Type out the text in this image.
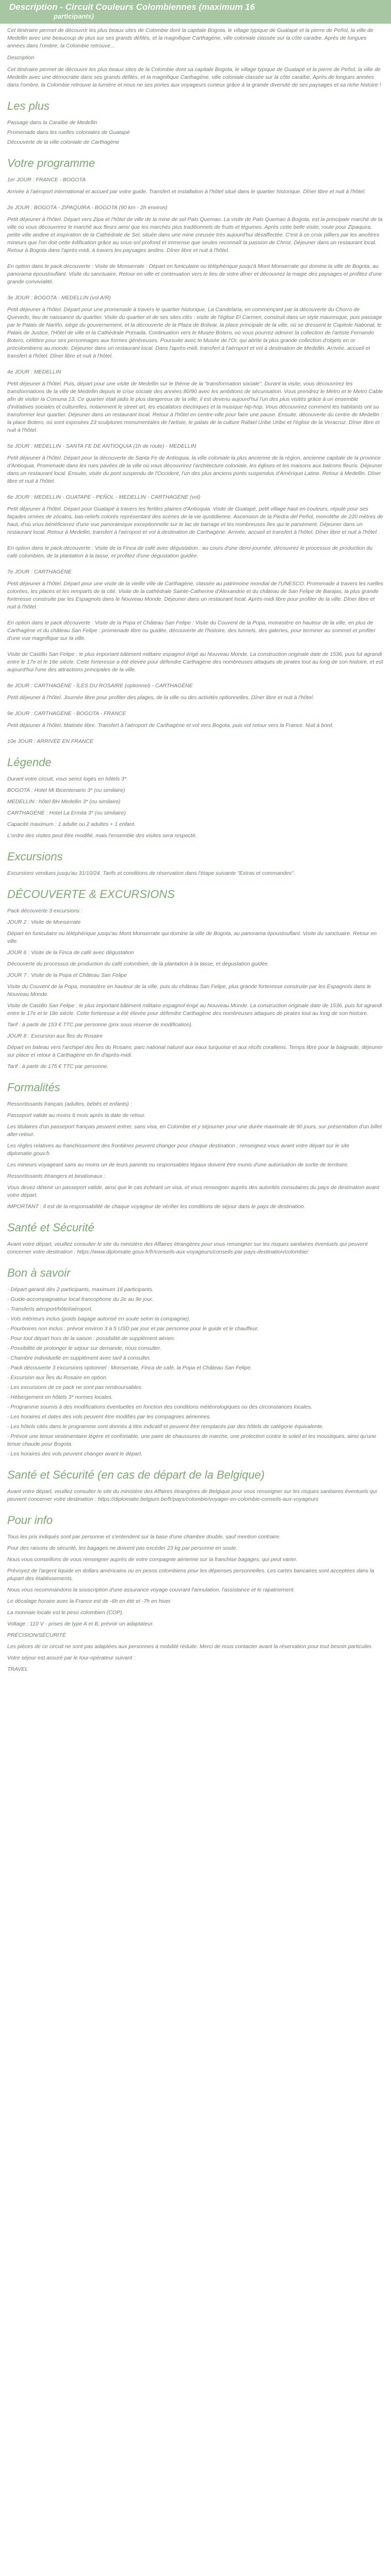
Description - Circuit Couleurs Colombiennes (maximum 16
participants)

Cet itinéraire permet de découvrir les plus beaux sites de Colombie dont la capitale Bogota, le village typique de Guatapé et la pierre de Peñol, la ville de Medellin avec une beaucoup de plus sur ses grands défilés, et la magnifique Carthagène, ville coloniale classée sur la côte caraïbe. Après de longues années dans l'ombre, la Colombie retrouve...

Description

Cet itinéraire permet de découvrir les plus beaux sites de la Colombie dont sa capitale Bogota, le village typique de Guatapé et la pierre de Peñol, la ville de Medellin avec une démocratie dans ses grands défilés, et la magnifique Carthagène, ville coloniale classée sur la côte caraïbe. Après de longues années dans l'ombre, la Colombie retrouve la lumière et nous ne ses portes aux voyageurs curieux grâce à la grande diversité de ses paysages et sa riche histoire !

Les plus

Passage dans la Caraïbe de Medellin

Promenade dans les ruelles coloniales de Guatapé

Découverte de la ville coloniale de Carthagène

Votre programme

1er JOUR : FRANCE - BOGOTA

Arrivée à l'aéroport international et accueil par votre guide. Transfert et installation à l'hôtel situé dans le quartier historique. Dîner libre et nuit à l'hôtel.

2e JOUR : BOGOTA - ZIPAQUIRA - BOGOTA (90 km - 2h environ)

Petit déjeuner à l'hôtel. Départ vers Zipa et l'hôtel de ville de la mine de sel Palo Quemao. La visite de Palo Quemao à Bogota, est la principale marché de la ville où vous découvrirez le marché aux fleurs ainsi que les marchés plus traditionnels de fruits et légumes. Après cette belle visite, route pour Zipaquira, petite ville andine et inspiration de la Cathédrale de Sel, située dans une mine creusée très aujourd'hui désaffectée. C'est à ce croix pilliers par les ancêtres mineurs que l'on doit cette édification grâce au sous-sol profond et immense que seules reconnaît la passion de Christ. Déjeuner dans un restaurant local. Retour à Bogota dans l'après-midi, à travers les paysages andins. Dîner libre et nuit à l'hôtel.

En option dans le pack découverte : Visite de Monserrate : Départ en funiculaire ou téléphérique jusqu'à Mont Monserrate qui domine la ville de Bogota, au panorama époustouflant. Visite du sanctuaire. Retour en ville et continuation vers le lieu de votre dîner et découvrez la magie des paysages et profitez d'une grande convivialité.

3e JOUR : BOGOTA - MEDELLIN (vol A/R)

Petit déjeuner à l'hôtel. Départ pour une promenade à travers le quartier historique, La Candelaria, en commençant par la découverte du Chorro de Quevedo, lieu de naissance du quartier. Visite du quartier et de ses sites clés : visite de l'église El Carmen, construit dans un style mauresque, puis passage par le Palais de Nariño, siège du gouvernement, et la découverte de la Plaza de Bolivar, la place principale de la ville, où se dressent le Capitole National, le Palais de Justice, l'Hôtel de ville et la Cathédrale Primada. Continuation vers le Musée Botero, où vous pourrez admirer la collection de l'artiste Fernando Botero, célèbre pour ses personnages aux formes généreuses. Poursuite avec le Musée de l'Or, qui abrite la plus grande collection d'objets en or précolombiens au monde. Déjeuner dans un restaurant local. Dans l'après-midi, transfert à l'aéroport et vol à destination de Medellin. Arrivée, accueil et transfert à l'hôtel. Dîner libre et nuit à l'hôtel.

4e JOUR : MEDELLIN

Petit déjeuner à l'hôtel. Puis, départ pour une visite de Medellin sur le thème de la "transformation sociale". Durant la visite, vous découvrirez les transformations de la ville de Medellin depuis le crise sociale des années 80/90 avec les ambitions de sécurisation. Vous prendrez le Metro et le Metro Cable afin de visiter la Comuna 13. Ce quartier était jadis le plus dangereux de la ville, il est devenu aujourd'hui l'un des plus visités grâce à un ensemble d'initiatives sociales et culturelles, notamment le street art, les escalators électriques et la musique hip-hop. Vous découvrirez comment les habitants ont su transformer leur quartier. Déjeuner dans un restaurant local. Retour à l'hôtel en centre-ville pour faire une pause. Ensuite, découverte du centre de Medellin : la place Botero, où sont exposées 23 sculptures monumentales de l'artiste, le palais de la culture Rafael Uribe Uribe et l'église de la Veracruz. Dîner libre et nuit à l'hôtel.

5e JOUR : MEDELLIN - SANTA FE DE ANTIOQUIA (1h de route) - MEDELLIN

Petit déjeuner à l'hôtel. Départ pour la découverte de Santa Fe de Antioquia, la ville coloniale la plus ancienne de la région, ancienne capitale de la province d'Antioquia. Promenade dans les rues pavées de la ville où vous découvrirez l'architecture coloniale, les églises et les maisons aux balcons fleuris. Déjeuner dans un restaurant local. Ensuite, visite du pont suspendu de l'Occident, l'un des plus anciens ponts suspendus d'Amérique Latine. Retour à Medellin. Dîner libre et nuit à l'hôtel.

6e JOUR : MEDELLIN - GUATAPE - PEÑOL - MEDELLIN - CARTHAGÈNE (vol)

Petit déjeuner à l'hôtel. Départ pour Guatapé à travers les fertiles plaines d'Antioquia. Visite de Guatapé, petit village haut en couleurs, réputé pour ses façades ornées de zócalos, bas-reliefs colorés représentant des scènes de la vie quotidienne. Ascension de la Piedra del Peñol, monolithe de 220 mètres de haut, d'où vous bénéficierez d'une vue panoramique exceptionnelle sur le lac de barrage et les nombreuses îles qui le parsèment. Déjeuner dans un restaurant local. Retour à Medellin, transfert à l'aéroport et vol à destination de Carthagène. Arrivée, accueil et transfert à l'hôtel. Dîner libre et nuit à l'hôtel.

En option dans le pack découverte : Visite de la Finca de café avec dégustation : au cours d'une demi-journée, découvrez le processus de production du café colombien, de la plantation à la tasse, et profitez d'une dégustation guidée.

7e JOUR : CARTHAGÈNE

Petit déjeuner à l'hôtel. Départ pour une visite de la vieille ville de Carthagène, classée au patrimoine mondial de l'UNESCO. Promenade à travers les ruelles colorées, les places et les remparts de la cité. Visite de la cathédrale Sainte-Catherine d'Alexandrie et du château de San Felipe de Barajas, la plus grande forteresse construite par les Espagnols dans le Nouveau Monde. Déjeuner dans un restaurant local. Après-midi libre pour profiter de la ville. Dîner libre et nuit à l'hôtel.

En option dans le pack découverte : Visite de la Popa et Château San Felipe : Visite du Couvent de la Popa, monastère en hauteur de la ville, en plus de Carthagène et du château San Felipe : promenade libre ou guidée, découverte de l'histoire, des tunnels, des galeries, pour terminer au sommet et profiter d'une vue magnifique sur la ville.

Visite de Castillo San Felipe : le plus important bâtiment militaire espagnol érigé au Nouveau Monde. La construction originale date de 1536, puis fut agrandi entre le 17e et le 18e siècle. Cette forteresse a été élevée pour défendre Carthagène des nombreuses attaques de pirates tout au long de son histoire, et est aujourd'hui l'une des attractions principales de la ville.

8e JOUR : CARTHAGÈNE - ÎLES DU ROSAIRE (optionnel) - CARTHAGÈNE

Petit déjeuner à l'hôtel. Journée libre pour profiter des plages, de la ville ou des activités optionnelles. Dîner libre et nuit à l'hôtel.

9e JOUR : CARTHAGÈNE - BOGOTA - FRANCE

Petit déjeuner à l'hôtel. Matinée libre. Transfert à l'aéroport de Carthagène et vol vers Bogota, puis vol retour vers la France. Nuit à bord.

10e JOUR : ARRIVÉE EN FRANCE

Légende

Durant votre circuit, vous serez logés en hôtels 3*.

BOGOTA : Hotel Mi Bicentenario 3* (ou similaire)

MEDELLIN : hôtel BH Medellin 3* (ou similaire)

CARTHAGÈNE : Hotel La Ermita 3* (ou similaire)

Capacité maximum : 1 adulte ou 2 adultes + 1 enfant.

L'ordre des visites peut être modifié, mais l'ensemble des visites sera respecté.

Excursions

Excursions vendues jusqu'au 31/10/24. Tarifs et conditions de réservation dans l'étape suivante "Extras et commandes".

DÉCOUVERTE & EXCURSIONS

Pack découverte 3 excursions :

JOUR 2 : Visite de Monserrate

Départ en funiculaire ou téléphérique jusqu'au Mont Monserrate qui domine la ville de Bogota, au panorama époustouflant. Visite du sanctuaire. Retour en ville.

JOUR 6 : Visite de la Finca de café avec dégustation

Découverte du processus de production du café colombien, de la plantation à la tasse, et dégustation guidée.

JOUR 7 : Visite de la Popa et Château San Felipe

Visite du Couvent de la Popa, monastère en hauteur de la ville, puis du château San Felipe, plus grande forteresse construite par les Espagnols dans le Nouveau Monde.

Visite de Castillo San Felipe : le plus important bâtiment militaire espagnol érigé au Nouveau Monde. La construction originale date de 1536, puis fut agrandi entre le 17e et le 18e siècle. Cette forteresse a été élevée pour défendre Carthagène des nombreuses attaques de pirates tout au long de son histoire.

Tarif : à partir de 153 € TTC par personne (prix sous réserve de modification).

JOUR 8 : Excursion aux Îles du Rosaire

Départ en bateau vers l'archipel des Îles du Rosaire, parc national naturel aux eaux turquoise et aux récifs coralliens. Temps libre pour la baignade, déjeuner sur place et retour à Carthagène en fin d'après-midi.

Tarif : à partir de 175 € TTC par personne.

Formalités

Ressortissants français (adultes, bébés et enfants) :

Passeport valide au moins 6 mois après la date de retour.

Les titulaires d'un passeport français peuvent entrer, sans visa, en Colombie et y séjourner pour une durée maximale de 90 jours, sur présentation d'un billet aller-retour.

Les règles relatives au franchissement des frontières peuvent changer pour chaque destination ; renseignez-vous avant votre départ sur le site diplomatie.gouv.fr.

Les mineurs voyageant sans au moins un de leurs parents ou responsables légaux doivent être munis d'une autorisation de sortie de territoire.

Ressortissants étrangers et binationaux :

Vous devez détenir un passeport valide, ainsi que le cas échéant un visa, et vous renseigner auprès des autorités consulaires du pays de destination avant votre départ.

IMPORTANT : Il est de la responsabilité de chaque voyageur de vérifier les conditions de séjour dans le pays de destination.

Santé et Sécurité

Avant votre départ, veuillez consulter le site du ministère des Affaires étrangères pour vous renseigner sur les risques sanitaires éventuels qui peuvent concerner votre destination : https://www.diplomatie.gouv.fr/fr/conseils-aux-voyageurs/conseils-par-pays-destination/colombie/

Bon à savoir

- Départ garanti dès 2 participants, maximum 16 participants.

- Guide-accompagnateur local francophone du 2e au 9e jour.

- Transferts aéroport/hôtel/aéroport.

- Vols intérieurs inclus (poids bagage autorisé en soute selon la compagnie).

- Pourboires non inclus : prévoir environ 3 à 5 USD par jour et par personne pour le guide et le chauffeur.

- Pour tout départ hors de la saison : possibilité de supplément aérien.

- Possibilité de prolonger le séjour sur demande, nous consulter.

- Chambre individuelle en supplément avec tarif à consulter.

- Pack découverte 3 excursions optionnel : Monserrate, Finca de café, la Popa et Château San Felipe.

- Excursion aux Îles du Rosaire en option.

- Les excursions de ce pack ne sont pas remboursables.

- Hébergement en hôtels 3* normes locales.

- Programme soumis à des modifications éventuelles en fonction des conditions météorologiques ou des circonstances locales.

- Les horaires et dates des vols peuvent être modifiés par les compagnies aériennes.

- Les hôtels cités dans le programme sont donnés à titre indicatif et peuvent être remplacés par des hôtels de catégorie équivalente.

- Prévoir une tenue vestimentaire légère et confortable, une paire de chaussures de marche, une protection contre le soleil et les moustiques, ainsi qu'une tenue chaude pour Bogota.

- Les horaires des vols peuvent changer avant le départ.

Santé et Sécurité (en cas de départ de la Belgique)

Avant votre départ, veuillez consulter le site du ministère des Affaires étrangères de Belgique pour vous renseigner sur les risques sanitaires éventuels qui peuvent concerner votre destination : https://diplomatie.belgium.be/fr/pays/colombie/voyager-en-colombie-conseils-aux-voyageurs

Pour info

Tous les prix indiqués sont par personne et s'entendent sur la base d'une chambre double, sauf mention contraire.

Pour des raisons de sécurité, les bagages ne doivent pas excéder 23 kg par personne en soute.

Nous vous conseillons de vous renseigner auprès de votre compagnie aérienne sur la franchise bagages, qui peut varier.

Prévoyez de l'argent liquide en dollars américains ou en pesos colombiens pour les dépenses personnelles. Les cartes bancaires sont acceptées dans la plupart des établissements.

Nous vous recommandons la souscription d'une assurance voyage couvrant l'annulation, l'assistance et le rapatriement.

Le décalage horaire avec la France est de -6h en été et -7h en hiver.

La monnaie locale est le peso colombien (COP).

Voltage : 110 V - prises de type A et B, prévoir un adaptateur.

PRÉCISION/SÉCURITÉ

Les pièces de ce circuit ne sont pas adaptées aux personnes à mobilité réduite. Merci de nous contacter avant la réservation pour tout besoin particulier.

Votre séjour est assuré par le tour-opérateur suivant :

TRAVEL
